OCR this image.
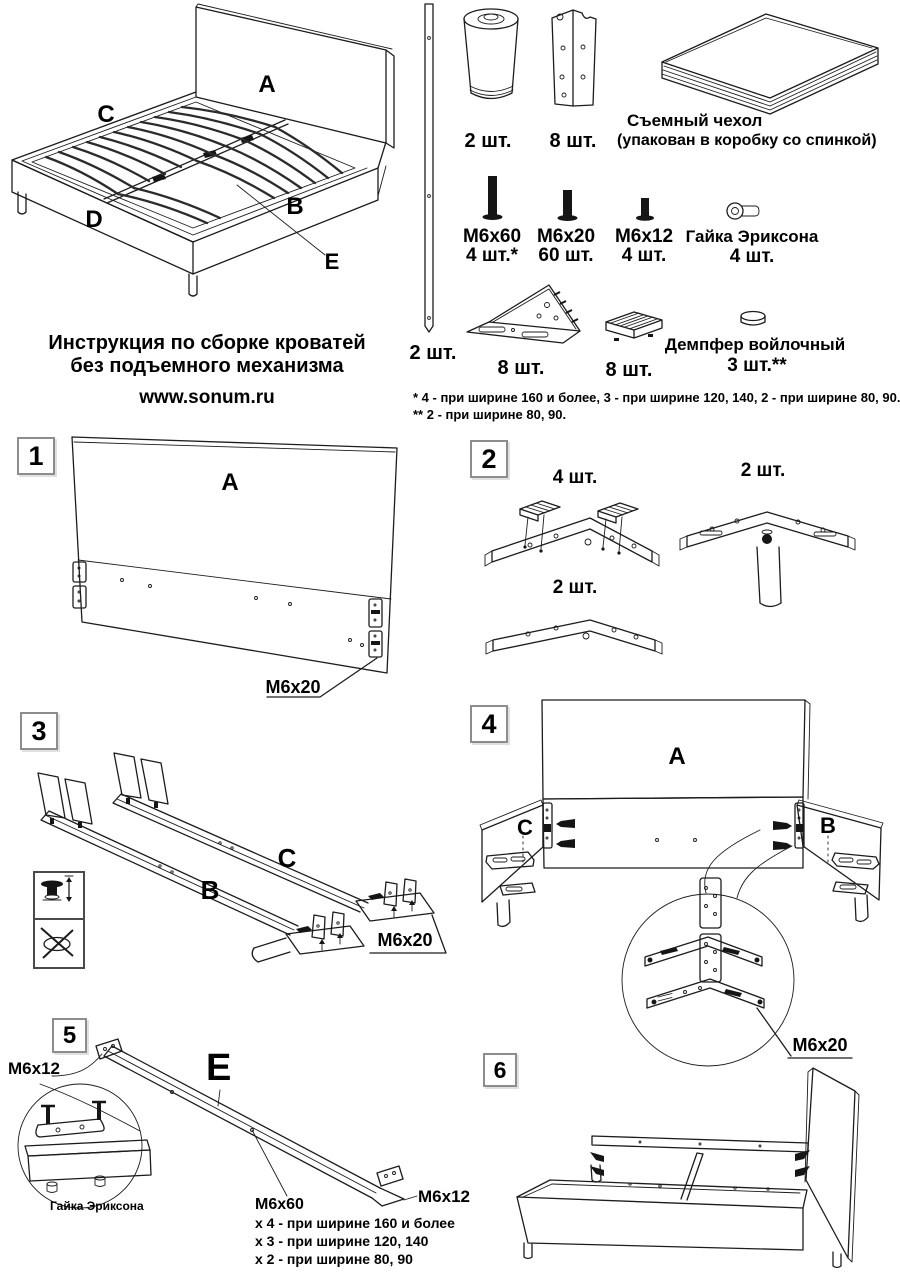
A
C
D	B
E
Инструкция по сборке кроватей
без подъемного механизма
www.sonum.ru
2 шт.
2 шт. 8 шт.
Съемный чехол
(упакован в коробку со спинкой)
М6х60
4 шт.*
М6х20
60 шт.
М6х12
4 шт.
Гайка Эриксона
4 шт.
8 шт.	8 шт.
Демпфер войлочный
3 шт.**
* 4 - при ширине 160 и более, 3 - при ширине 120, 140, 2 - при ширине 80, 90.
** 2 - при ширине 80, 90.
1	2
3	4
5
6
A
М6х20
4 шт.	2 шт.
2 шт.
B
C
М6х20
A
C	B
М6х20
М6х12	E
Гайка Эриксона	М6х60
х 4 - при ширине 160 и более
х 3 - при ширине 120, 140
х 2 - при ширине 80, 90
М6х12
